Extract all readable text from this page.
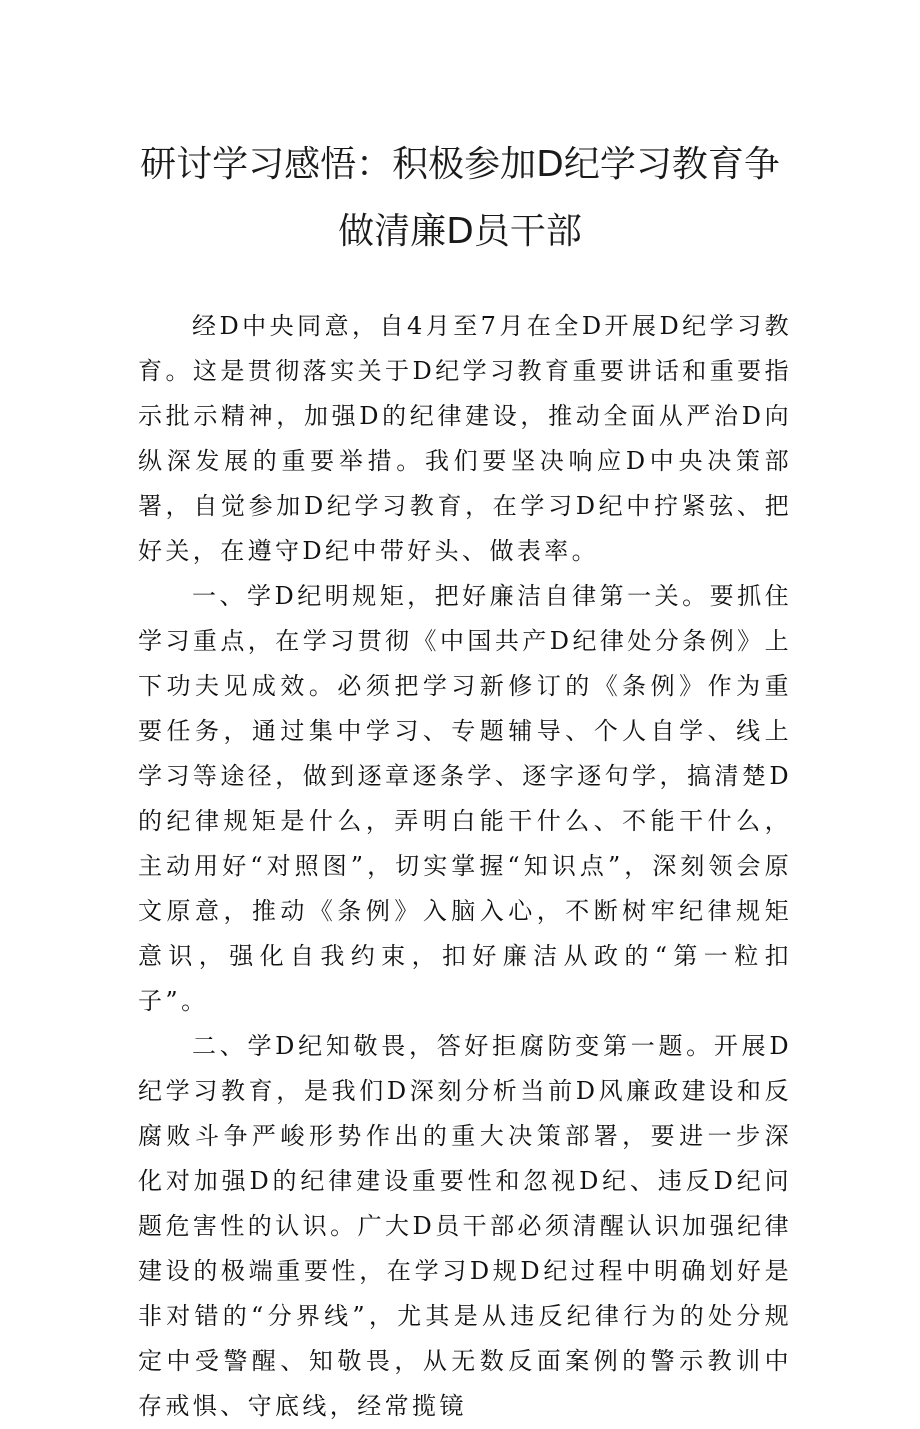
研讨学习感悟：积极参加D纪学习教育争
做清廉D员干部

经D中央同意，自4月至7月在全D开展D纪学习教育。这是贯彻落实关于D纪学习教育重要讲话和重要指示批示精神，加强D的纪律建设，推动全面从严治D向纵深发展的重要举措。我们要坚决响应D中央决策部署，自觉参加D纪学习教育，在学习D纪中拧紧弦、把好关，在遵守D纪中带好头、做表率。

一、学D纪明规矩，把好廉洁自律第一关。要抓住学习重点，在学习贯彻《中国共产D纪律处分条例》上下功夫见成效。必须把学习新修订的《条例》作为重要任务，通过集中学习、专题辅导、个人自学、线上学习等途径，做到逐章逐条学、逐字逐句学，搞清楚D的纪律规矩是什么，弄明白能干什么、不能干什么，主动用好“对照图”，切实掌握“知识点”，深刻领会原文原意，推动《条例》入脑入心，不断树牢纪律规矩意识，强化自我约束，扣好廉洁从政的“第一粒扣子”。

二、学D纪知敬畏，答好拒腐防变第一题。开展D纪学习教育，是我们D深刻分析当前D风廉政建设和反腐败斗争严峻形势作出的重大决策部署，要进一步深化对加强D的纪律建设重要性和忽视D纪、违反D纪问题危害性的认识。广大D员干部必须清醒认识加强纪律建设的极端重要性，在学习D规D纪过程中明确划好是非对错的“分界线”，尤其是从违反纪律行为的处分规定中受警醒、知敬畏，从无数反面案例的警示教训中存戒惧、守底线，经常揽镜
